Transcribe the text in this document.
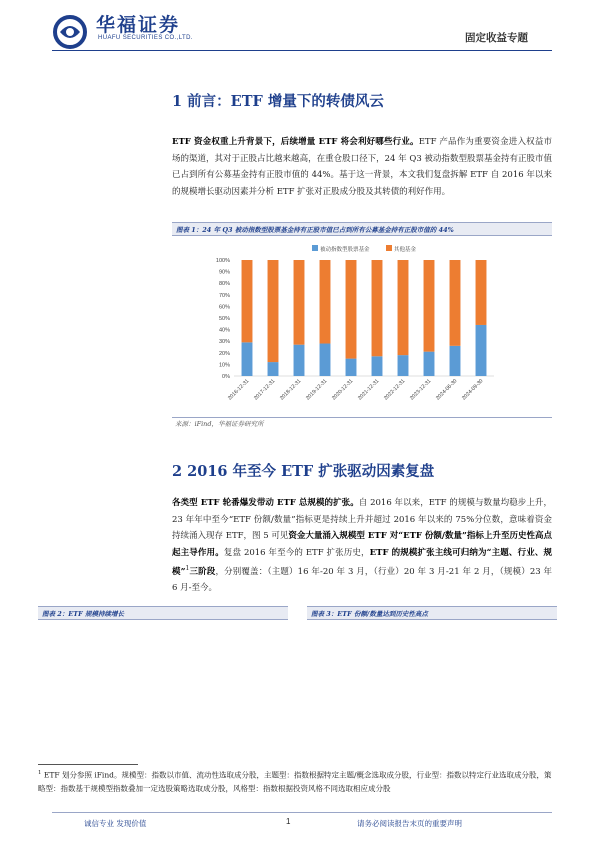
华福证券
HUAFU SECURITIES CO.,LTD.	固定收益专题
1 前言：ETF 增量下的转债风云
ETF 资金权重上升背景下，后续增量 ETF 将会利好哪些行业。ETF 产品作为重要资金进入权益市场的渠道，其对于正股占比越来越高，在重仓股口径下，24 年 Q3 被动指数型股票基金持有正股市值已占到所有公募基金持有正股市值的 44%。基于这一背景，本文我们复盘拆解 ETF 自 2016 年以来的规模增长驱动因素并分析 ETF 扩张对正股成分股及其转债的利好作用。
图表 1：24 年 Q3 被动指数型股票基金持有正股市值已占到所有公募基金持有正股市值的 44%
被动指数型股票基金	其他基金
0%
10%
20%
30%
40%
50%
60%
70%
80%
90%
100%
2016-12-31 2017-12-31 2018-12-31 2019-12-31 2020-12-31 2021-12-31 2022-12-31 2023-12-31 2024-06-30 2024-09-30
来源：iFind，华福证券研究所
2 2016 年至今 ETF 扩张驱动因素复盘
各类型 ETF 轮番爆发带动 ETF 总规模的扩张。自 2016 年以来，ETF 的规模与数量均稳步上升，23 年年中至今“ETF 份额/数量”指标更是持续上升并超过 2016 年以来的 75%分位数，意味着资金持续涌入现存 ETF，图 5 可见资金大量涌入规模型 ETF 对“ETF 份额/数量”指标上升至历史性高点起主导作用。复盘 2016 年至今的 ETF 扩张历史，ETF 的规模扩张主线可归纳为“主题、行业、规模”$^1$三阶段，分别覆盖：（主题）16 年-20 年 3 月，（行业）20 年 3 月-21 年 2 月，（规模）23 年 6 月-至今。
图表 2：ETF 规模持续增长	图表 3：ETF 份额/数量达到历史性高点
$^1$ ETF 划分参照 iFind。规模型：指数以市值、流动性选取成分股，主题型：指数根据特定主题/概念选取成分股，行业型：指数以特定行业选取成分股，策略型：指数基于规模型指数叠加一定选股策略选取成分股，风格型：指数根据投资风格不同选取相应成分股
诚信专业 发现价值	1	请务必阅读报告末页的重要声明
